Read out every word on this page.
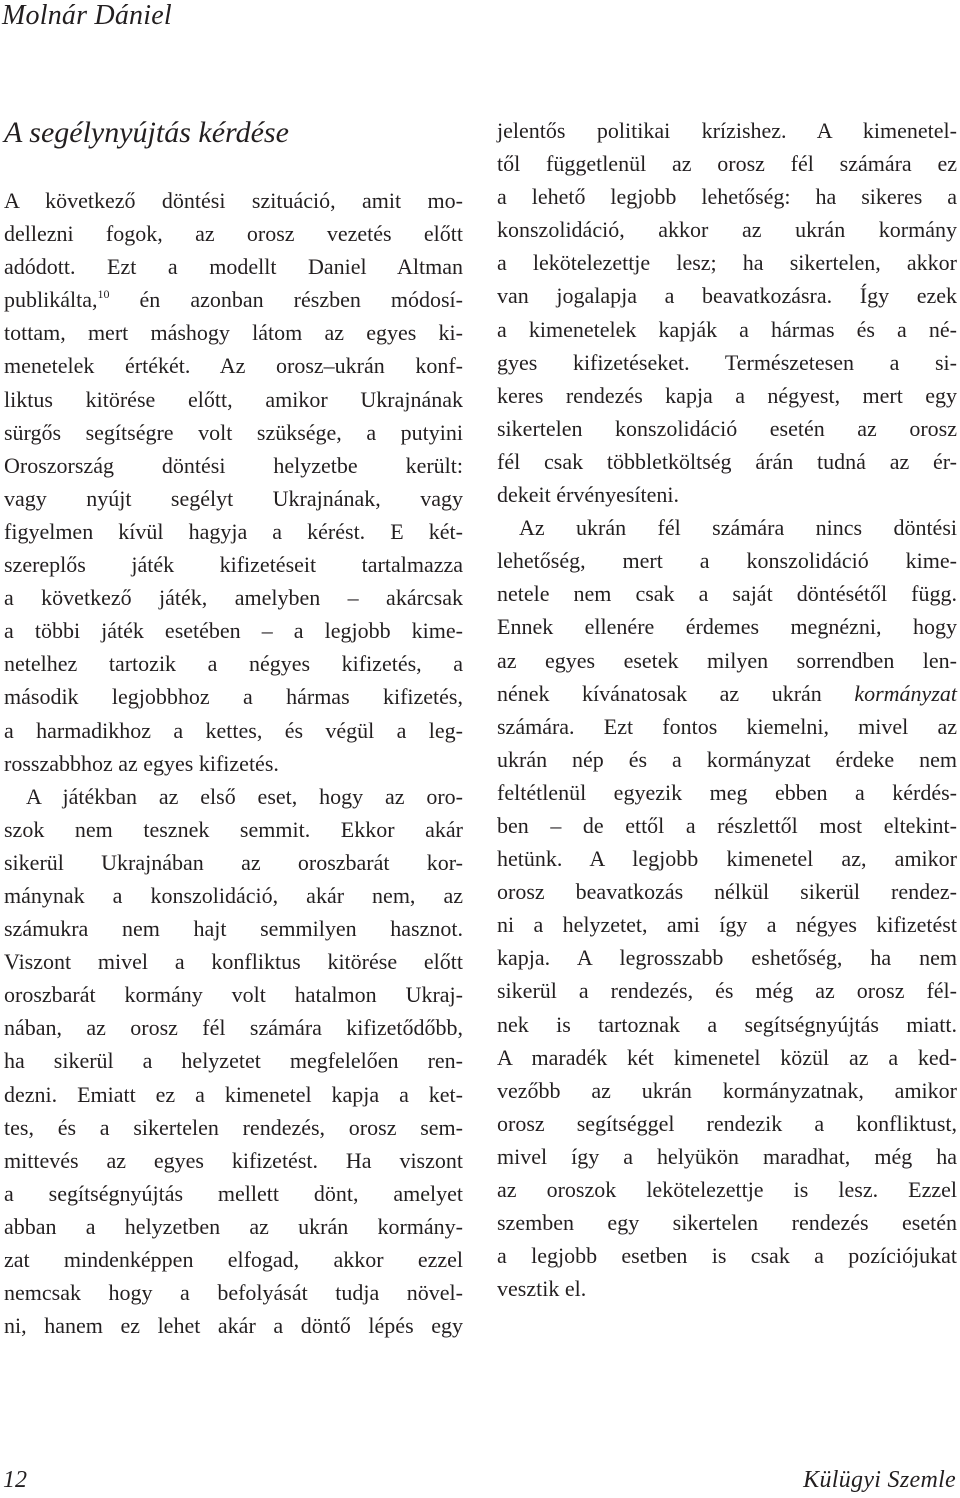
Molnár Dániel
A segélynyújtás kérdése
A következő döntési szituáció, amit mo-
dellezni fogok, az orosz vezetés előtt
adódott. Ezt a modellt Daniel Altman
publikálta,$^{10}$ én azonban részben módosí-
tottam, mert máshogy látom az egyes ki-
menetelek értékét. Az orosz–ukrán konf-
liktus kitörése előtt, amikor Ukrajnának
sürgős segítségre volt szüksége, a putyini
Oroszország döntési helyzetbe került:
vagy nyújt segélyt Ukrajnának, vagy
figyelmen kívül hagyja a kérést. E két-
szereplős játék kifizetéseit tartalmazza
a következő játék, amelyben – akárcsak
a többi játék esetében – a legjobb kime-
netelhez tartozik a négyes kifizetés, a
második legjobbhoz a hármas kifizetés,
a harmadikhoz a kettes, és végül a leg-
rosszabbhoz az egyes kifizetés.
A játékban az első eset, hogy az oro-
szok nem tesznek semmit. Ekkor akár
sikerül Ukrajnában az oroszbarát kor-
mánynak a konszolidáció, akár nem, az
számukra nem hajt semmilyen hasznot.
Viszont mivel a konfliktus kitörése előtt
oroszbarát kormány volt hatalmon Ukraj-
nában, az orosz fél számára kifizetődőbb,
ha sikerül a helyzetet megfelelően ren-
dezni. Emiatt ez a kimenetel kapja a ket-
tes, és a sikertelen rendezés, orosz sem-
mittevés az egyes kifizetést. Ha viszont
a segítségnyújtás mellett dönt, amelyet
abban a helyzetben az ukrán kormány-
zat mindenképpen elfogad, akkor ezzel
nemcsak hogy a befolyását tudja növel-
ni, hanem ez lehet akár a döntő lépés egy
jelentős politikai krízishez. A kimenetel-
től függetlenül az orosz fél számára ez
a lehető legjobb lehetőség: ha sikeres a
konszolidáció, akkor az ukrán kormány
a lekötelezettje lesz; ha sikertelen, akkor
van jogalapja a beavatkozásra. Így ezek
a kimenetelek kapják a hármas és a né-
gyes kifizetéseket. Természetesen a si-
keres rendezés kapja a négyest, mert egy
sikertelen konszolidáció esetén az orosz
fél csak többletköltség árán tudná az ér-
dekeit érvényesíteni.
Az ukrán fél számára nincs döntési
lehetőség, mert a konszolidáció kime-
netele nem csak a saját döntésétől függ.
Ennek ellenére érdemes megnézni, hogy
az egyes esetek milyen sorrendben len-
nének kívánatosak az ukrán kormányzat
számára. Ezt fontos kiemelni, mivel az
ukrán nép és a kormányzat érdeke nem
feltétlenül egyezik meg ebben a kérdés-
ben – de ettől a részlettől most eltekint-
hetünk. A legjobb kimenetel az, amikor
orosz beavatkozás nélkül sikerül rendez-
ni a helyzetet, ami így a négyes kifizetést
kapja. A legrosszabb eshetőség, ha nem
sikerül a rendezés, és még az orosz fél-
nek is tartoznak a segítségnyújtás miatt.
A maradék két kimenetel közül az a ked-
vezőbb az ukrán kormányzatnak, amikor
orosz segítséggel rendezik a konfliktust,
mivel így a helyükön maradhat, még ha
az oroszok lekötelezettje is lesz. Ezzel
szemben egy sikertelen rendezés esetén
a legjobb esetben is csak a pozíciójukat
vesztik el.
12	Külügyi Szemle
